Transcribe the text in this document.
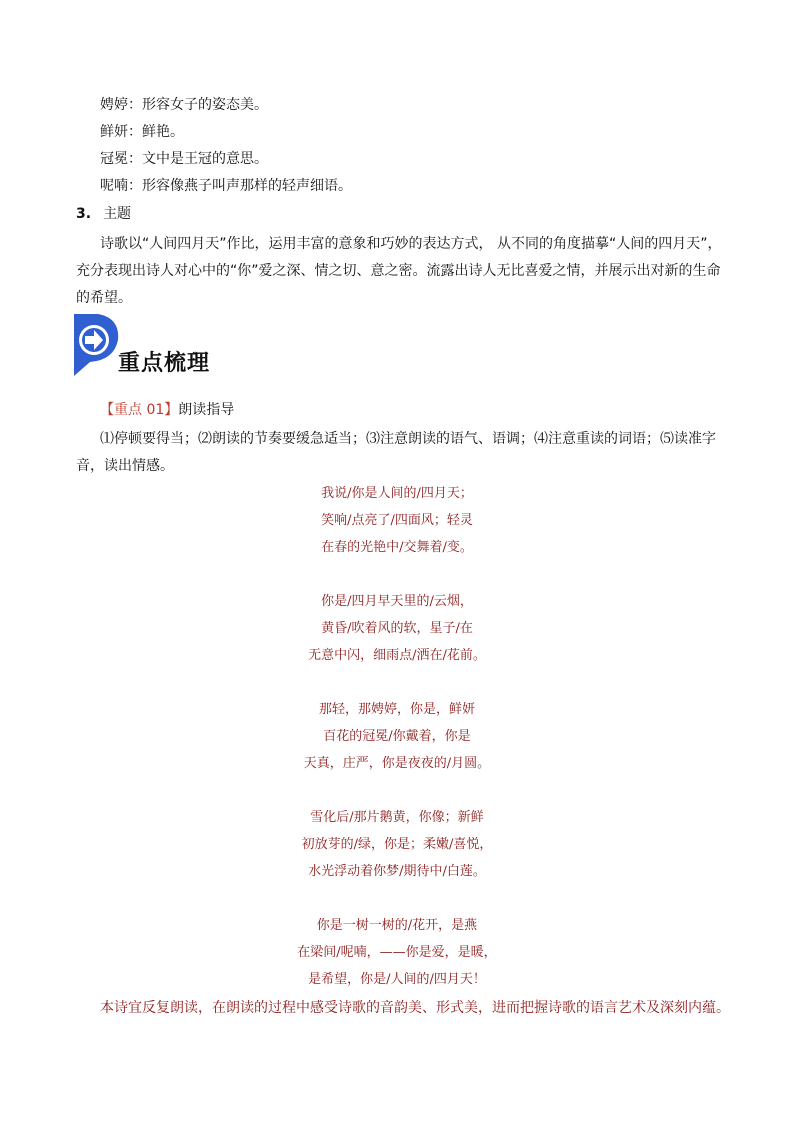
娉婷：形容女子的姿态美。
鲜妍：鲜艳。
冠冕：文中是王冠的意思。
呢喃：形容像燕子叫声那样的轻声细语。
3. 主题
诗歌以“人间四月天”作比，运用丰富的意象和巧妙的表达方式， 从不同的角度描摹“人间的四月天”，充分表现出诗人对心中的“你”爱之深、情之切、意之密。流露出诗人无比喜爱之情，并展示出对新的生命的希望。
重点梳理
【重点 01】朗读指导
⑴停顿要得当；⑵朗读的节奏要缓急适当；⑶注意朗读的语气、语调；⑷注意重读的词语；⑸读准字音，读出情感。
我说/你是人间的/四月天；
笑响/点亮了/四面风；轻灵
在春的光艳中/交舞着/变。
你是/四月早天里的/云烟，
黄昏/吹着风的软，星子/在
无意中闪，细雨点/洒在/花前。
那轻，那娉婷，你是，鲜妍
百花的冠冕/你戴着，你是
天真，庄严，你是夜夜的/月圆。
雪化后/那片鹅黄，你像；新鲜
初放芽的/绿，你是；柔嫩/喜悦，
水光浮动着你梦/期待中/白莲。
你是一树一树的/花开，是燕
在梁间/呢喃，——你是爱，是暖，
是希望，你是/人间的/四月天！
本诗宜反复朗读，在朗读的过程中感受诗歌的音韵美、形式美，进而把握诗歌的语言艺术及深刻内蕴。
